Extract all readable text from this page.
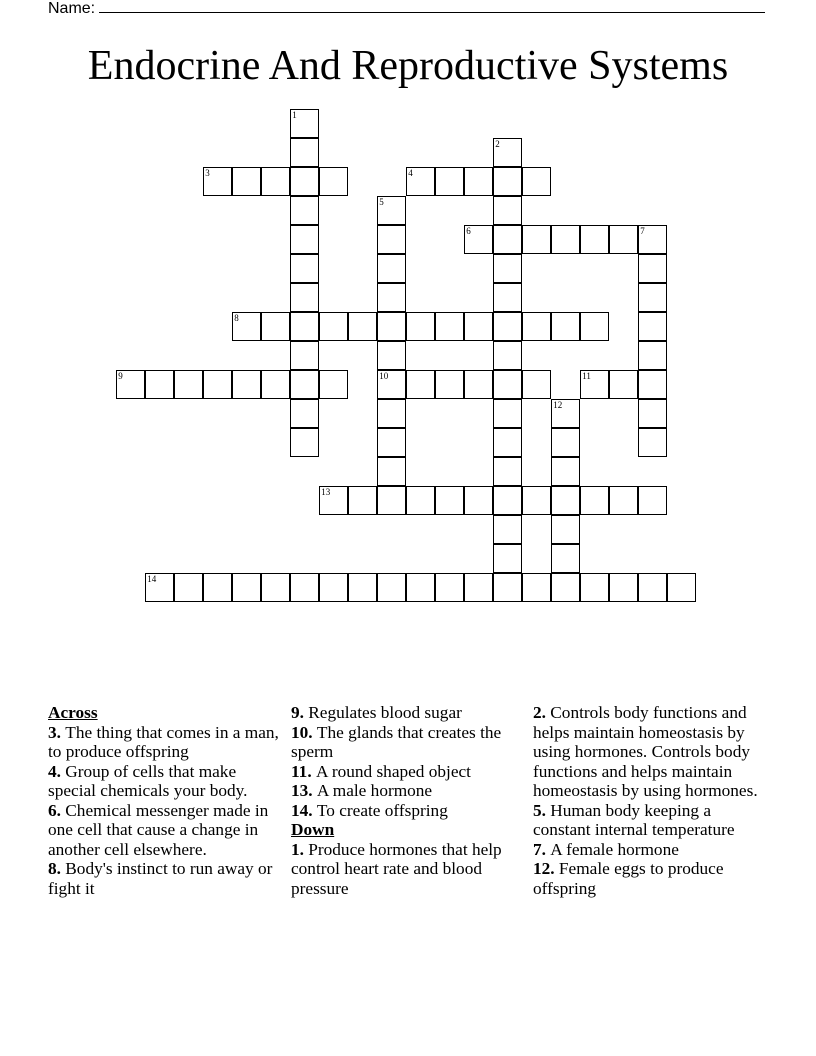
Name:
Endocrine And Reproductive Systems
1
2
3	4
5
10
6	7
8
9	11
12
13
14
Across
3. The thing that comes in a man, to produce offspring
4. Group of cells that make special chemicals your body.
6. Chemical messenger made in one cell that cause a change in another cell elsewhere.
8. Body's instinct to run away or fight it
9. Regulates blood sugar
10. The glands that creates the sperm
11. A round shaped object
13. A male hormone
14. To create offspring
Down
1. Produce hormones that help control heart rate and blood pressure
2. Controls body functions and helps maintain homeostasis by using hormones. Controls body functions and helps maintain homeostasis by using hormones.
5. Human body keeping a constant internal temperature
7. A female hormone
12. Female eggs to produce offspring
